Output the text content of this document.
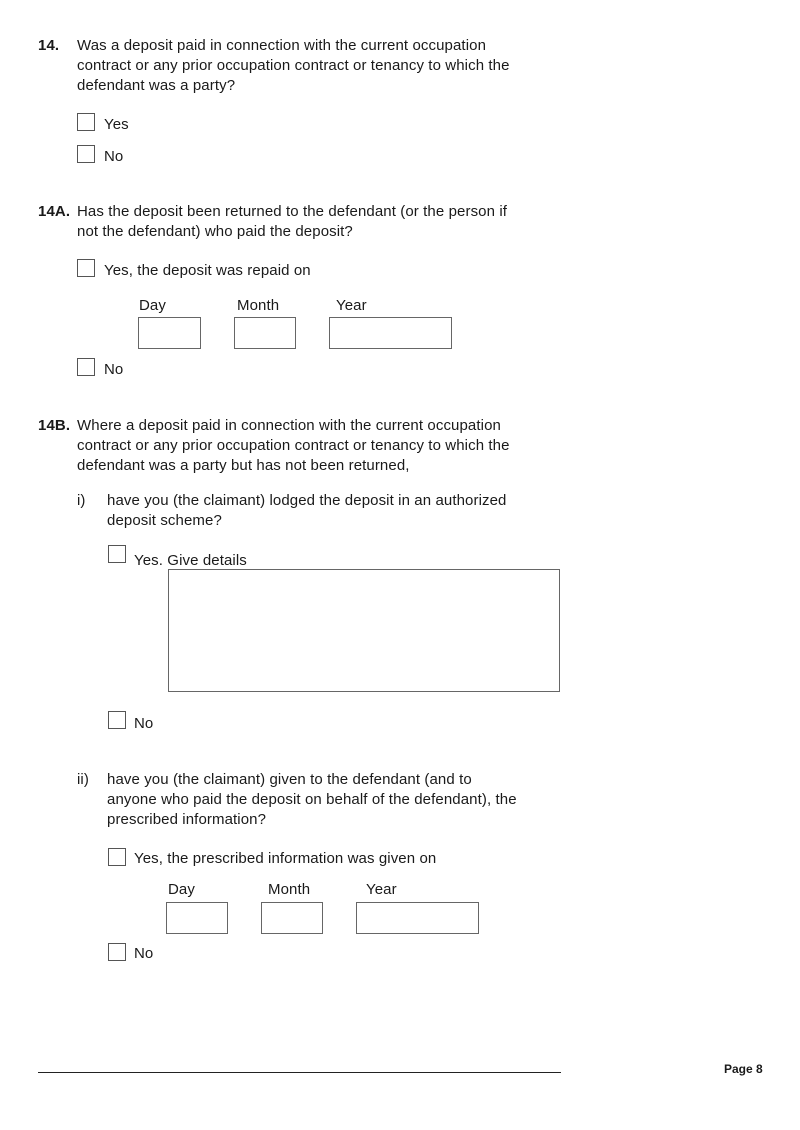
14. Was a deposit paid in connection with the current occupation
contract or any prior occupation contract or tenancy to which the
defendant was a party?
Yes
No
14A. Has the deposit been returned to the defendant (or the person if
not the defendant) who paid the deposit?
Yes, the deposit was repaid on
Day	Month	Year
No
14B. Where a deposit paid in connection with the current occupation
contract or any prior occupation contract or tenancy to which the
defendant was a party but has not been returned,
i) have you (the claimant) lodged the deposit in an authorized
deposit scheme?
Yes. Give details
No
ii) have you (the claimant) given to the defendant (and to
anyone who paid the deposit on behalf of the defendant), the
prescribed information?
Yes, the prescribed information was given on
Day	Month	Year
No
Page 8
